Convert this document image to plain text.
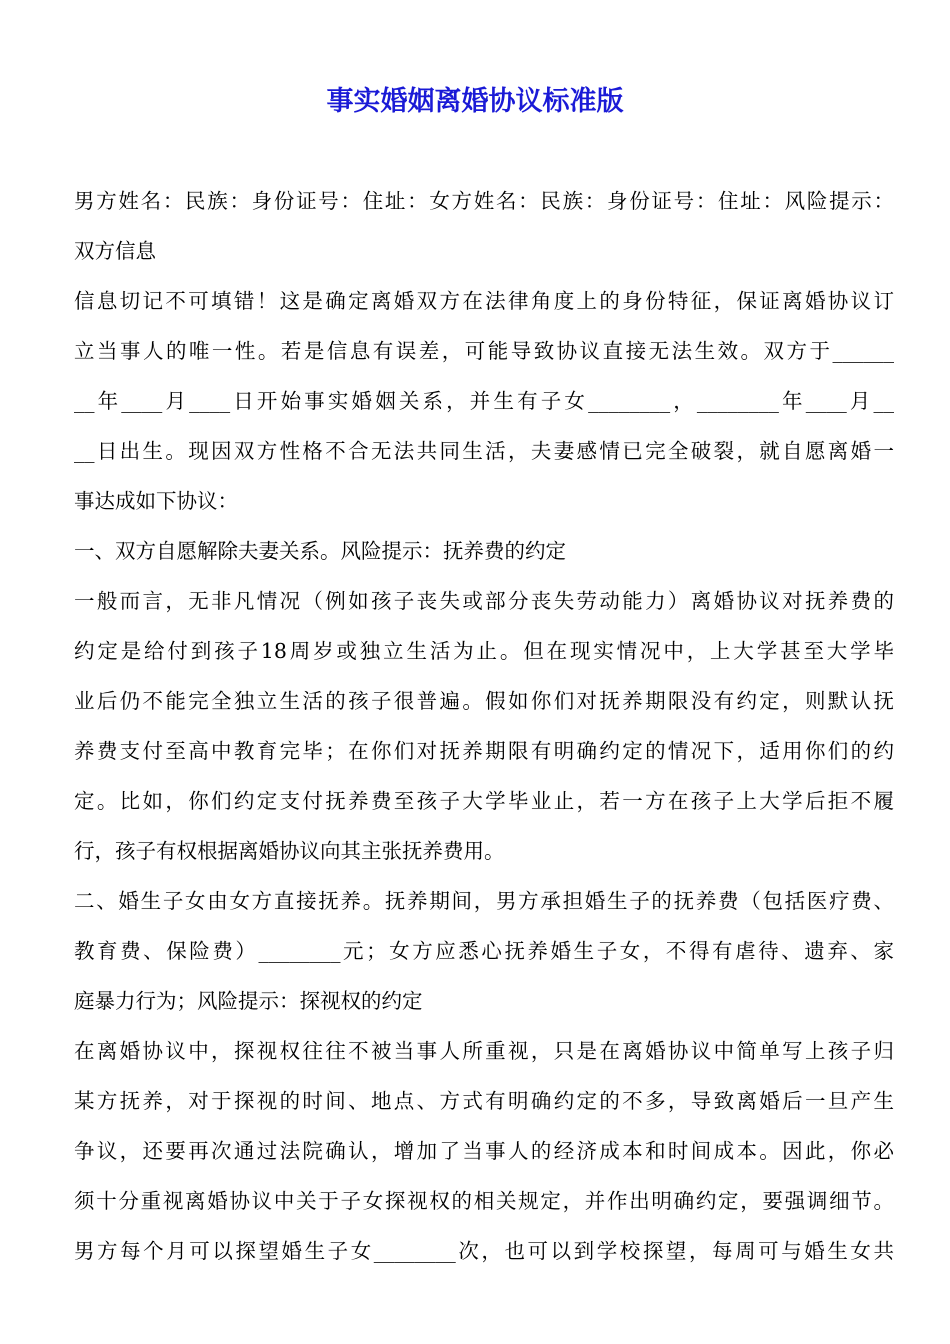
事实婚姻离婚协议标准版
男方姓名：民族：身份证号：住址：女方姓名：民族：身份证号：住址：风险提示：
双方信息
信息切记不可填错！这是确定离婚双方在法律角度上的身份特征，保证离婚协议订
立当事人的唯一性。若是信息有误差，可能导致协议直接无法生效。双方于______
__年____月____日开始事实婚姻关系，并生有子女________，________年____月__
__日出生。现因双方性格不合无法共同生活，夫妻感情已完全破裂，就自愿离婚一
事达成如下协议：
一、双方自愿解除夫妻关系。风险提示：抚养费的约定
一般而言，无非凡情况（例如孩子丧失或部分丧失劳动能力）离婚协议对抚养费的
约定是给付到孩子18周岁或独立生活为止。但在现实情况中，上大学甚至大学毕
业后仍不能完全独立生活的孩子很普遍。假如你们对抚养期限没有约定，则默认抚
养费支付至高中教育完毕；在你们对抚养期限有明确约定的情况下，适用你们的约
定。比如，你们约定支付抚养费至孩子大学毕业止，若一方在孩子上大学后拒不履
行，孩子有权根据离婚协议向其主张抚养费用。
二、婚生子女由女方直接抚养。抚养期间，男方承担婚生子的抚养费（包括医疗费、
教育费、保险费）________元；女方应悉心抚养婚生子女，不得有虐待、遗弃、家
庭暴力行为；风险提示：探视权的约定
在离婚协议中，探视权往往不被当事人所重视，只是在离婚协议中简单写上孩子归
某方抚养，对于探视的时间、地点、方式有明确约定的不多，导致离婚后一旦产生
争议，还要再次通过法院确认，增加了当事人的经济成本和时间成本。因此，你必
须十分重视离婚协议中关于子女探视权的相关规定，并作出明确约定，要强调细节。
男方每个月可以探望婚生子女________次，也可以到学校探望，每周可与婚生女共
